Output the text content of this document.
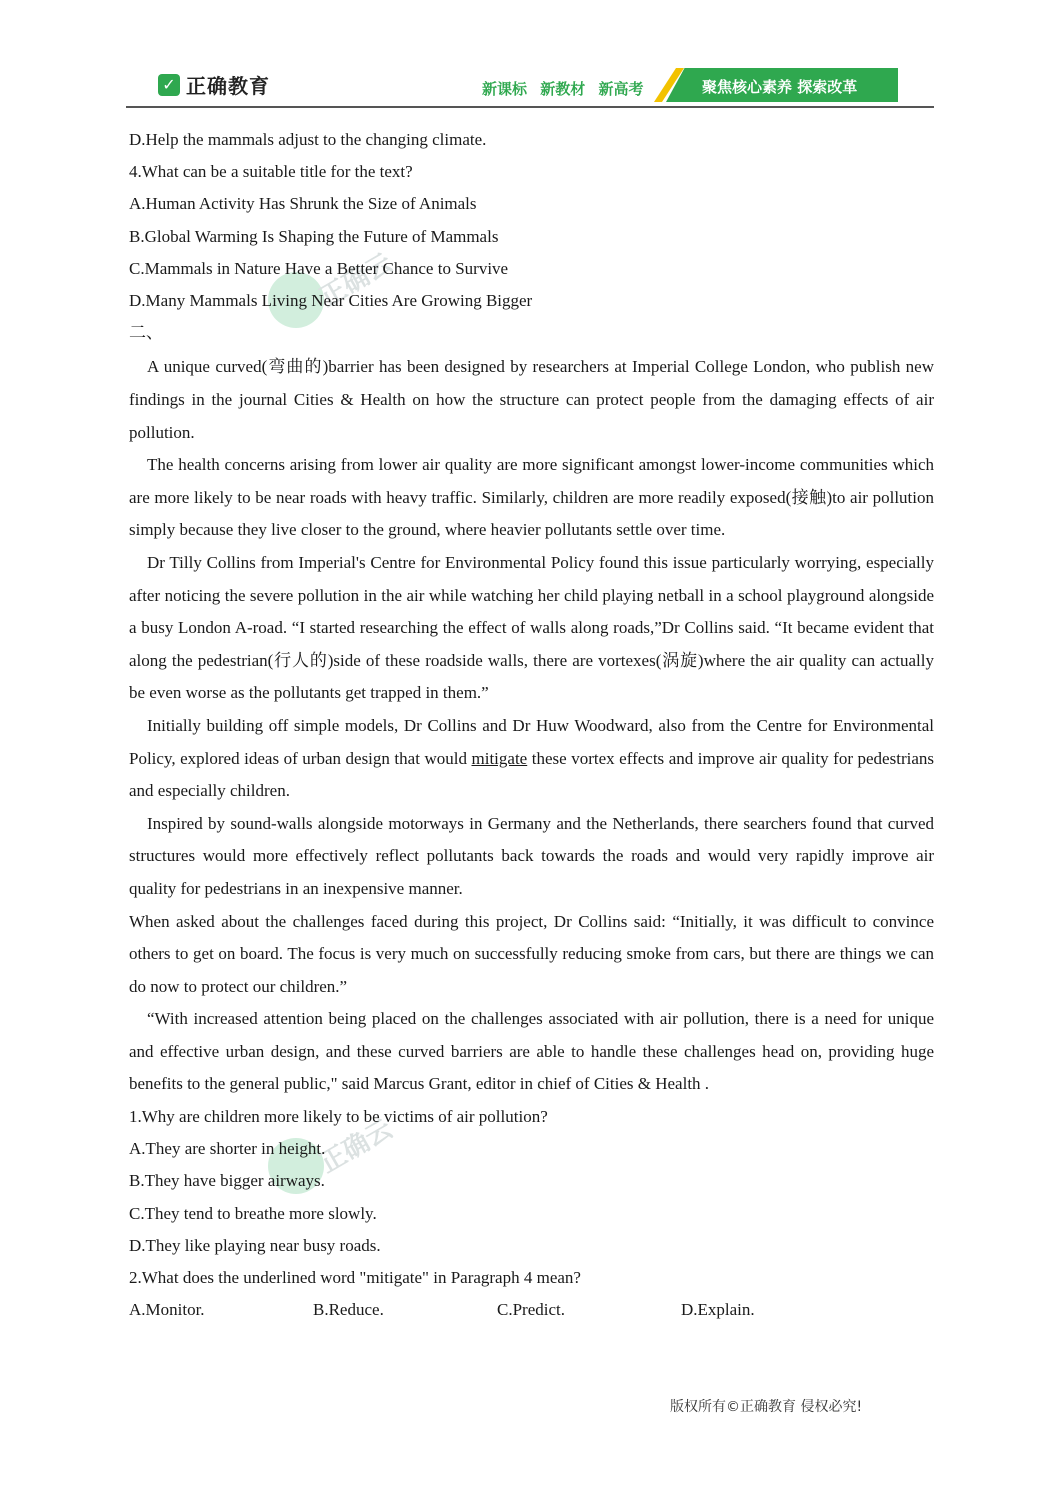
✓ 正确教育	新课标 新教材 新高考	聚焦核心素养 探索改革
正确云
正确云

D.Help the mammals adjust to the changing climate.

4.What can be a suitable title for the text?

A.Human Activity Has Shrunk the Size of Animals

B.Global Warming Is Shaping the Future of Mammals

C.Mammals in Nature Have a Better Chance to Survive

D.Many Mammals Living Near Cities Are Growing Bigger

二、

A unique curved(弯曲的)barrier has been designed by researchers at Imperial College London, who publish new findings in the journal Cities & Health on how the structure can protect people from the damaging effects of air pollution.

The health concerns arising from lower air quality are more significant amongst lower-income communities which are more likely to be near roads with heavy traffic. Similarly, children are more readily exposed(接触)to air pollution simply because they live closer to the ground, where heavier pollutants settle over time.

Dr Tilly Collins from Imperial's Centre for Environmental Policy found this issue particularly worrying, especially after noticing the severe pollution in the air while watching her child playing netball in a school playground alongside a busy London A-road. “I started researching the effect of walls along roads,”Dr Collins said. “It became evident that along the pedestrian(行人的)side of these roadside walls, there are vortexes(涡旋)where the air quality can actually be even worse as the pollutants get trapped in them.”

Initially building off simple models, Dr Collins and Dr Huw Woodward, also from the Centre for Environmental Policy, explored ideas of urban design that would mitigate these vortex effects and improve air quality for pedestrians and especially children.

Inspired by sound-walls alongside motorways in Germany and the Netherlands, there searchers found that curved structures would more effectively reflect pollutants back towards the roads and would very rapidly improve air quality for pedestrians in an inexpensive manner.

When asked about the challenges faced during this project, Dr Collins said: “Initially, it was difficult to convince others to get on board. The focus is very much on successfully reducing smoke from cars, but there are things we can do now to protect our children.”

“With increased attention being placed on the challenges associated with air pollution, there is a need for unique and effective urban design, and these curved barriers are able to handle these challenges head on, providing huge benefits to the general public," said Marcus Grant, editor in chief of Cities & Health .

1.Why are children more likely to be victims of air pollution?

A.They are shorter in height.

B.They have bigger airways.

C.They tend to breathe more slowly.

D.They like playing near busy roads.

2.What does the underlined word "mitigate" in Paragraph 4 mean?

A.Monitor.	B.Reduce.	C.Predict.	D.Explain.
版权所有©正确教育 侵权必究!
